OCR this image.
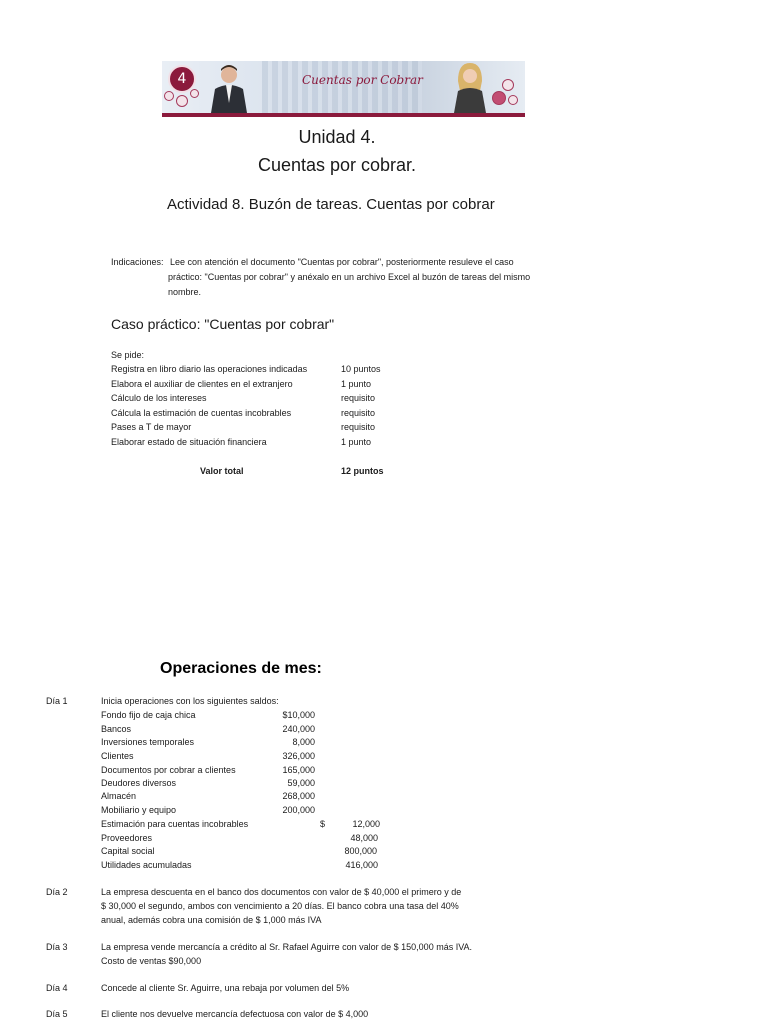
4	Cuentas por Cobrar
Unidad 4.
Cuentas por cobrar.
Actividad 8. Buzón de tareas. Cuentas por cobrar
Indicaciones: Lee con atención el documento "Cuentas por cobrar", posteriormente resuleve el caso
práctico: "Cuentas por cobrar" y anéxalo en un archivo Excel al buzón de tareas del mismo
nombre.
Caso práctico: "Cuentas por cobrar"
Se pide:
Registra en libro diario las operaciones indicadas	10 puntos
Elabora el auxiliar de clientes en el extranjero	1 punto
Cálculo de los intereses	requisito
Cálcula la estimación de cuentas incobrables	requisito
Pases a T de mayor	requisito
Elaborar estado de situación financiera	1 punto
Valor total	12 puntos
Operaciones de mes:
Día 1	Inicia operaciones con los siguientes saldos:
Fondo fijo de caja chica	$10,000
Bancos	240,000
Inversiones temporales	8,000
Clientes	326,000
Documentos por cobrar a clientes	165,000
Deudores diversos	59,000
Almacén	268,000
Mobiliario y equipo	200,000
Estimación para cuentas incobrables	$	12,000
Proveedores	48,000
Capital social	800,000
Utilidades acumuladas	416,000
Día 2	La empresa descuenta en el banco dos documentos con valor de $ 40,000 el primero y de
$ 30,000 el segundo, ambos con vencimiento a 20 días. El banco cobra una tasa del 40%
anual, además cobra una comisión de $ 1,000 más IVA
Día 3	La empresa vende mercancía a crédito al Sr. Rafael Aguirre con valor de $ 150,000 más IVA.
Costo de ventas $90,000
Día 4	Concede al cliente Sr. Aguirre, una rebaja por volumen del 5%
Día 5	El cliente nos devuelve mercancía defectuosa con valor de $ 4,000
